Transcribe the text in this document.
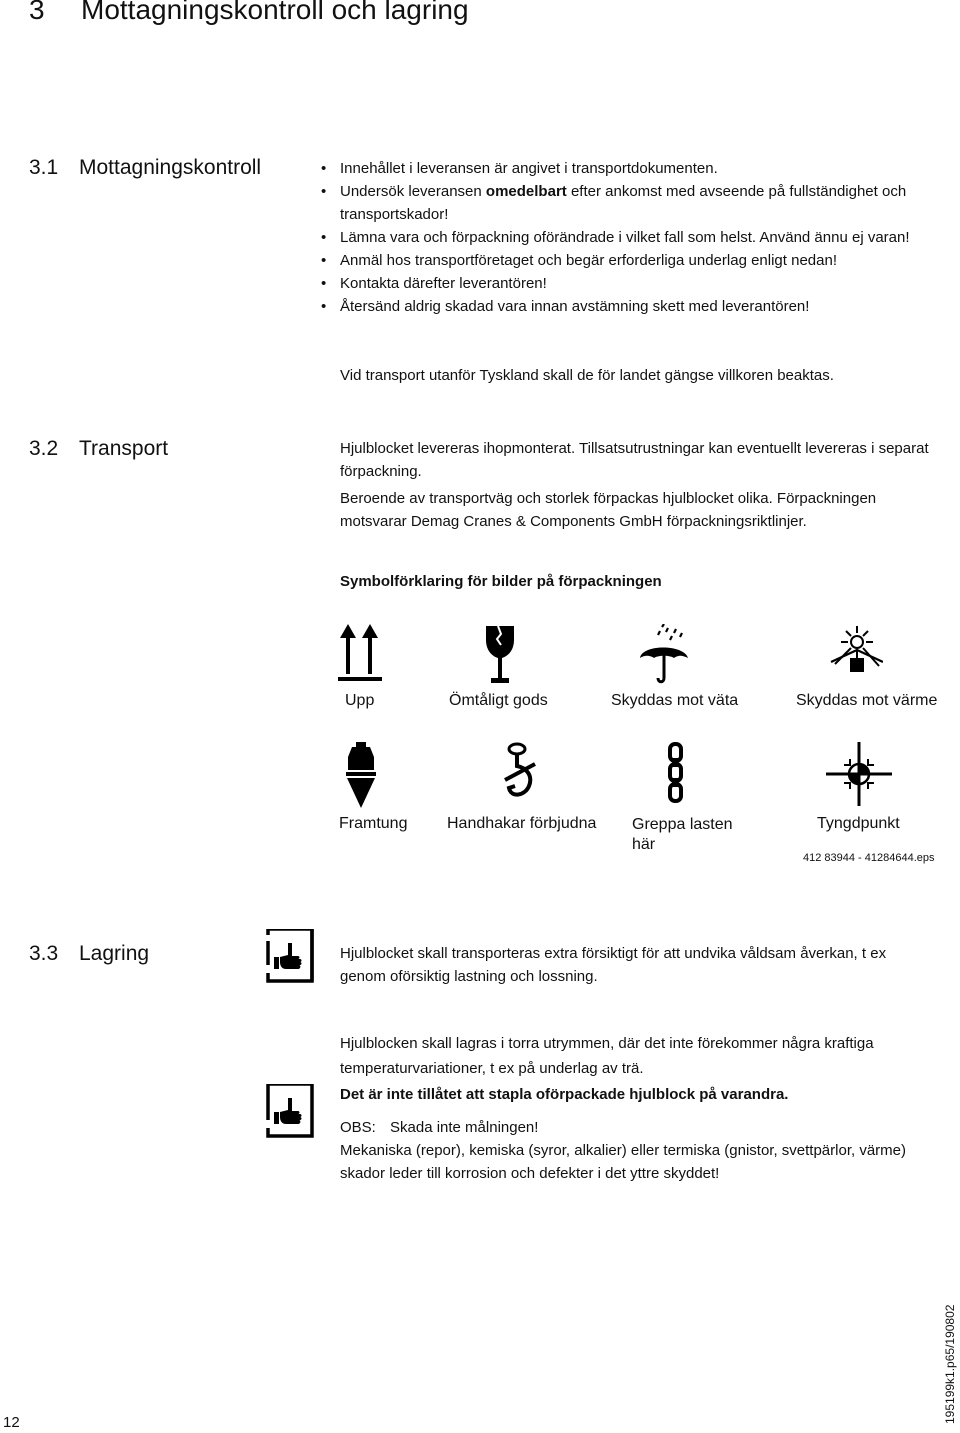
3 Mottagningskontroll och lagring
3.1 Mottagningskontroll
•	Innehållet i leveransen är angivet i transportdokumenten.
• Undersök leveransen omedelbart efter ankomst med avseende på fullständighet och transportskador!
• Lämna vara och förpackning oförändrade i vilket fall som helst. Använd ännu ej varan!
• Anmäl hos transportföretaget och begär erforderliga underlag enligt nedan!
• Kontakta därefter leverantören!
• Återsänd aldrig skadad vara innan avstämning skett med leverantören!
Vid transport utanför Tyskland skall de för landet gängse villkoren beaktas.
3.2 Transport	Hjulblocket levereras ihopmonterat. Tillsatsutrustningar kan eventuellt levereras i separat förpackning.

Beroende av transportväg och storlek förpackas hjulblocket olika. Förpackningen motsvarar Demag Cranes & Components GmbH förpackningsriktlinjer.

Symbolförklaring för bilder på förpackningen
Upp	Ömtåligt gods	Skyddas mot väta	Skyddas mot värme
Framtung Handhakar förbjudna Greppa lasten här
Tyngdpunkt
412 83944 - 41284644.eps
3.3 Lagring	Hjulblocket skall transporteras extra försiktigt för att undvika våldsam åverkan, t ex genom oförsiktig lastning och lossning.
Hjulblocken skall lagras i torra utrymmen, där det inte förekommer några kraftiga temperaturvariationer, t ex på underlag av trä.
Det är inte tillåtet att stapla oförpackade hjulblock på varandra.

OBS: Skada inte målningen!

Mekaniska (repor), kemiska (syror, alkalier) eller termiska (gnistor, svettpärlor, värme) skador leder till korrosion och defekter i det yttre skyddet!

12	195199k1.p65/190802
